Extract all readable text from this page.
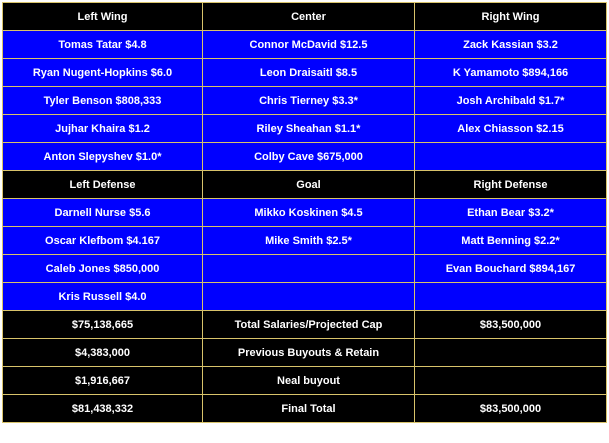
Left Wing	Center	Right Wing
Tomas Tatar $4.8	Connor McDavid $12.5	Zack Kassian $3.2
Ryan Nugent-Hopkins $6.0	Leon Draisaitl $8.5	K Yamamoto $894,166
Tyler Benson $808,333	Chris Tierney $3.3*	Josh Archibald $1.7*
Jujhar Khaira $1.2	Riley Sheahan $1.1*	Alex Chiasson $2.15
Anton Slepyshev $1.0*	Colby Cave $675,000	
Left Defense	Goal	Right Defense
Darnell Nurse $5.6	Mikko Koskinen $4.5	Ethan Bear $3.2*
Oscar Klefbom $4.167	Mike Smith $2.5*	Matt Benning $2.2*
Caleb Jones $850,000		Evan Bouchard $894,167
Kris Russell $4.0		
$75,138,665	Total Salaries/Projected Cap	$83,500,000
$4,383,000	Previous Buyouts & Retain	
$1,916,667	Neal buyout	
$81,438,332	Final Total	$83,500,000
